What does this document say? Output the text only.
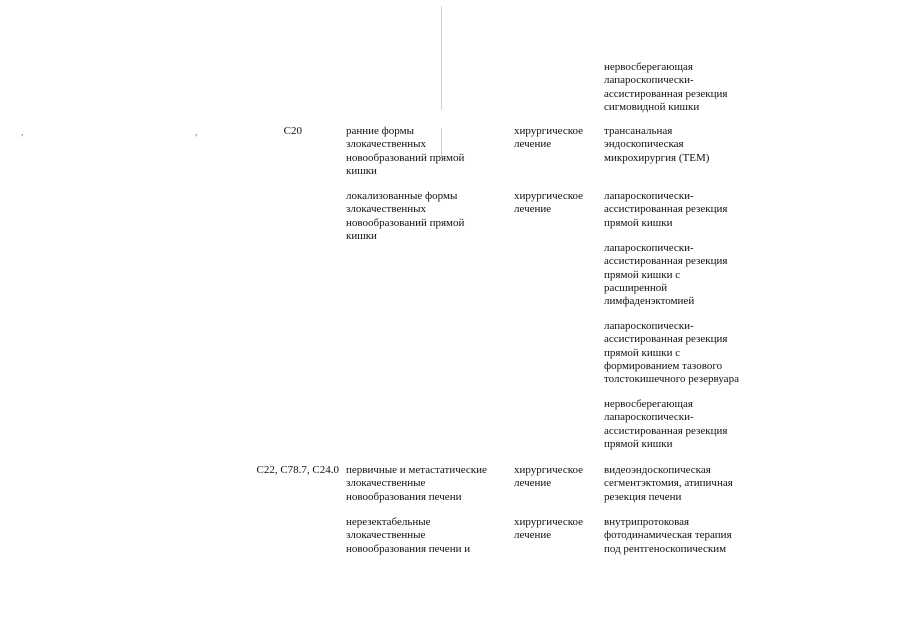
,	,
нервосберегающая
лапароскопически-
ассистированная резекция
сигмовидной кишки
C20	ранние формы
злокачественных
новообразований прямой
кишки
хирургическое
лечение
трансанальная
эндоскопическая
микрохирургия (ТЕМ)
локализованные формы
злокачественных
новообразований прямой
кишки
хирургическое
лечение
лапароскопически-
ассистированная резекция
прямой кишки
лапароскопически-
ассистированная резекция
прямой кишки с
расширенной
лимфаденэктомией
лапароскопически-
ассистированная резекция
прямой кишки с
формированием тазового
толстокишечного резервуара
нервосберегающая
лапароскопически-
ассистированная резекция
прямой кишки
C22, C78.7, C24.0 первичные и метастатические
злокачественные
новообразования печени
хирургическое
лечение
видеоэндоскопическая
сегментэктомия, атипичная
резекция печени
нерезектабельные
злокачественные
новообразования печени и
хирургическое
лечение
внутрипротоковая
фотодинамическая терапия
под рентгеноскопическим
